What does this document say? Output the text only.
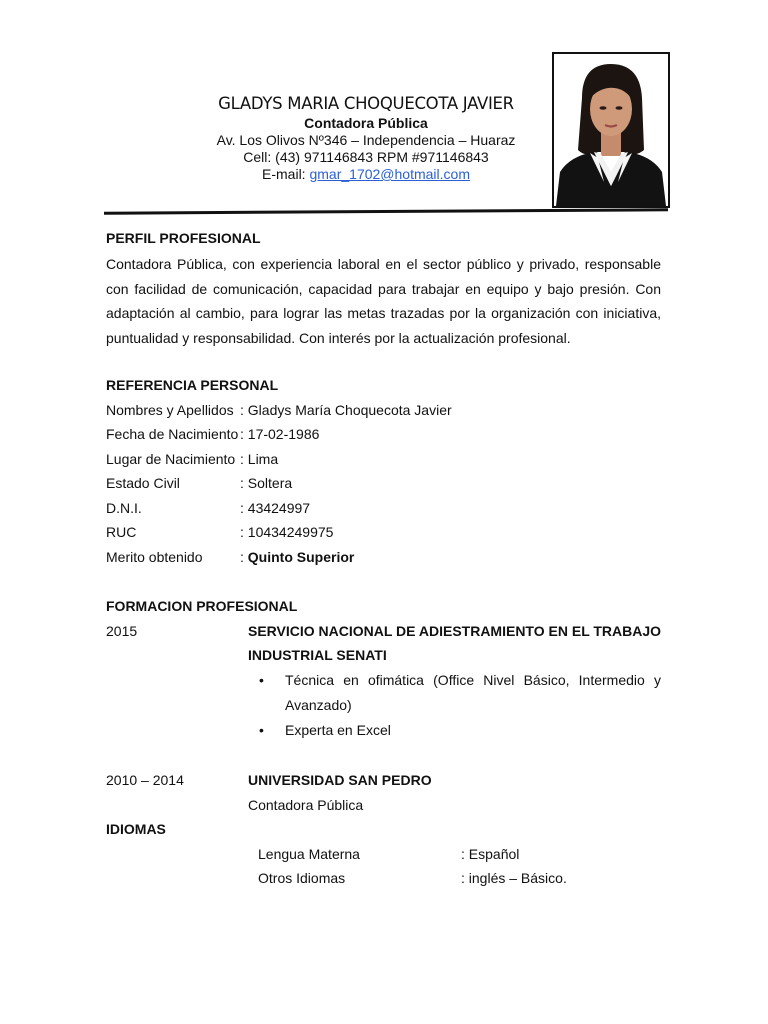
GLADYS MARIA CHOQUECOTA JAVIER
Contadora Pública
Av. Los Olivos Nº346 – Independencia – Huaraz
Cell: (43) 971146843 RPM #971146843
E-mail: gmar_1702@hotmail.com
PERFIL PROFESIONAL
Contadora Pública, con experiencia laboral en el sector público y privado, responsable con facilidad de comunicación, capacidad para trabajar en equipo y bajo presión. Con adaptación al cambio, para lograr las metas trazadas por la organización con iniciativa, puntualidad y responsabilidad. Con interés por la actualización profesional.
REFERENCIA PERSONAL
Nombres y Apellidos : Gladys María Choquecota Javier
Fecha de Nacimiento : 17-02-1986
Lugar de Nacimiento : Lima
Estado Civil	: Soltera
D.N.I.	: 43424997
RUC	: 10434249975
Merito obtenido	: Quinto Superior
FORMACION PROFESIONAL
2015	SERVICIO NACIONAL DE ADIESTRAMIENTO EN EL TRABAJO
INDUSTRIAL SENATI
• Técnica en ofimática (Office Nivel Básico, Intermedio y Avanzado)
• Experta en Excel
2010 – 2014	UNIVERSIDAD SAN PEDRO
Contadora Pública
IDIOMAS
Lengua Materna	: Español
Otros Idiomas	: inglés – Básico.
